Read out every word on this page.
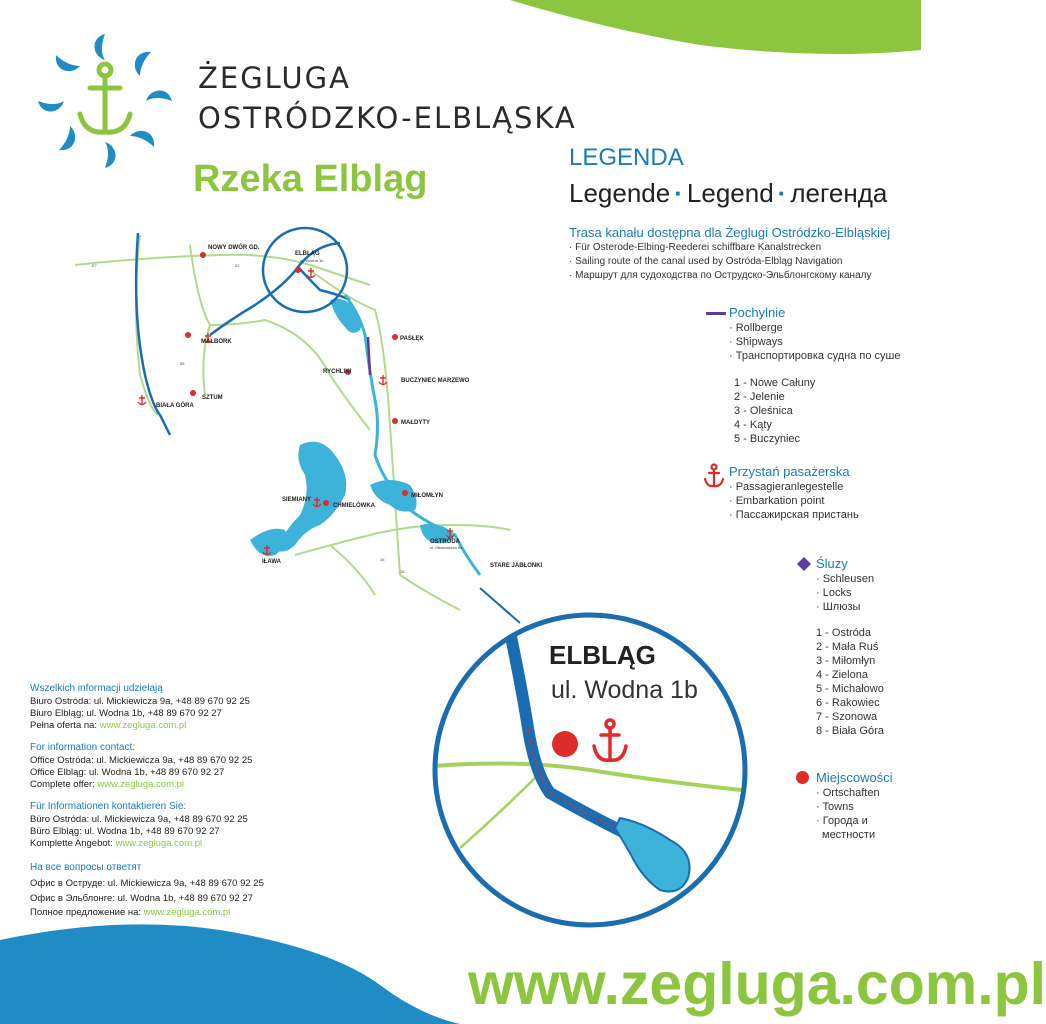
ŻEGLUGA
OSTRÓDZKO-ELBLĄSKA
Rzeka Elbląg
LEGENDA
Legende · Legend · легенда
Trasa kanału dostępna dla Żeglugi Ostródzko-Elbląskiej
· Für Osterode-Elbing-Reederei schiffbare Kanalstrecken
· Sailing route of the canal used by Ostróda-Elbląg Navigation
· Маршрут для судоходства по Острудско-Эльблонгскому каналу
Pochylnie
· Rollberge
· Shipways
· Транспортировка судна по суше
1 - Nowe Całuny
2 - Jelenie
3 - Oleśnica
4 - Kąty
5 - Buczyniec
Przystań pasażerska
· Passagieranlegestelle
· Embarkation point
· Пассажирская пристань
Śluzy
· Schleusen
· Locks
· Шлюзы
1 - Ostróda
2 - Mała Ruś
3 - Miłomłyn
4 - Zielona
5 - Michałowo
6 - Rakowiec
7 - Szonowa
8 - Biała Góra
Miejscowości
· Ortschaften
· Towns
· Города и
местности
Wszelkich informacji udzielają
Biuro Ostróda: ul. Mickiewicza 9a, +48 89 670 92 25
Biuro Elbląg: ul. Wodna 1b, +48 89 670 92 27
Pełna oferta na: www.zegluga.com.pl
For information contact:
Office Ostróda: ul. Mickiewicza 9a, +48 89 670 92 25
Office Elbląg: ul. Wodna 1b, +48 89 670 92 27
Complete offer: www.zegluga.com.pl
Für Informationen kontaktieren Sie:
Büro Ostróda: ul. Mickiewicza 9a, +48 89 670 92 25
Büro Elbląg: ul. Wodna 1b, +48 89 670 92 27
Komplette Angebot: www.zegluga.com.pl
На все вопросы ответят
Офис в Оструде: ul. Mickiewicza 9a, +48 89 670 92 25
Офис в Эльблонге: ul. Wodna 1b, +48 89 670 92 27
Полное предложение на: www.zegluga.com.pl
NOWY DWÓR GD.
MALBORK
SZTUM
BIAŁA GÓRA
PASŁĘK
RYCHLIKI
BUCZYNIEC MARZEWO
MAŁDYTY
MIŁOMŁYN
SIEMIANY
CHMIELÓWKA
IŁAWA
OSTRÓDA
STARE JABŁONKI
ELBLĄG
ul. Wodna 1b
ul. Mickiewicza 9a
E7	22
55
16
15
ELBLĄG
ul. Wodna 1b
www.zegluga.com.pl
